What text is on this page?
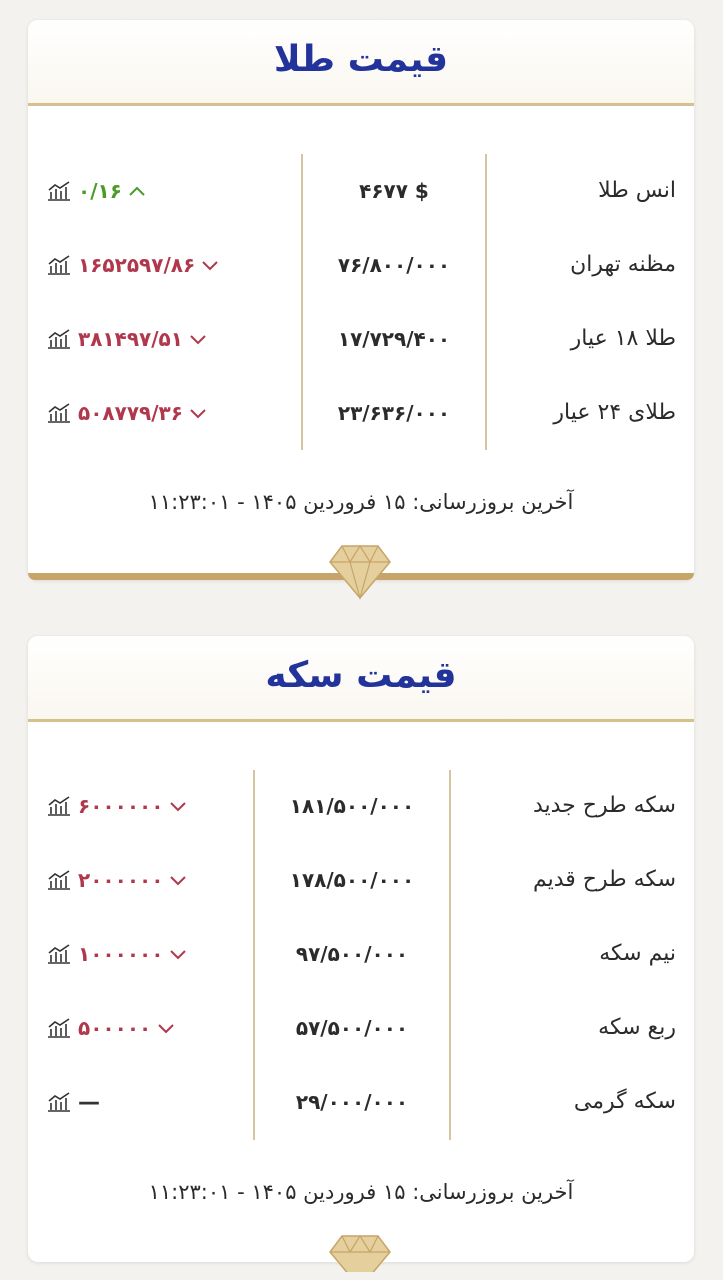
قیمت طلا
انس طلا
۴۶۷۷ $
۰/۱۶
مظنه تهران
۷۶/۸۰۰/۰۰۰
۱۶۵۲۵۹۷/۸۶
طلا ۱۸ عیار
۱۷/۷۲۹/۴۰۰
۳۸۱۴۹۷/۵۱
طلای ۲۴ عیار
۲۳/۶۳۶/۰۰۰
۵۰۸۷۷۹/۳۶
آخرین بروزرسانی: ۱۵ فروردین ۱۴۰۵ - ۱۱:۲۳:۰۱
قیمت سکه
سکه طرح جدید
۱۸۱/۵۰۰/۰۰۰
۶۰۰۰۰۰۰
سکه طرح قدیم
۱۷۸/۵۰۰/۰۰۰
۲۰۰۰۰۰۰
نیم سکه
۹۷/۵۰۰/۰۰۰
۱۰۰۰۰۰۰
ربع سکه
۵۷/۵۰۰/۰۰۰
۵۰۰۰۰۰
سکه گرمی
۲۹/۰۰۰/۰۰۰
—
آخرین بروزرسانی: ۱۵ فروردین ۱۴۰۵ - ۱۱:۲۳:۰۱
